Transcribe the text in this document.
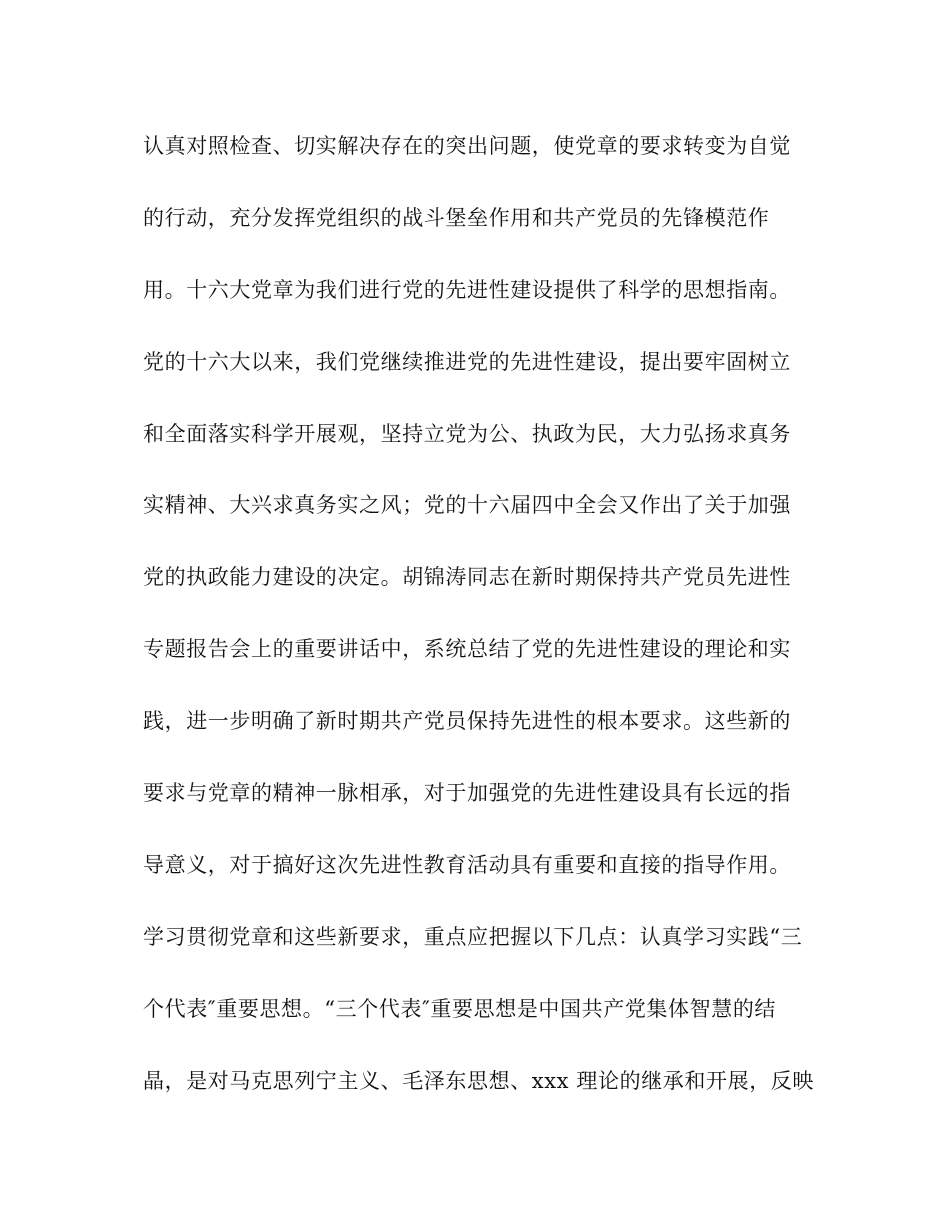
认真对照检查、切实解决存在的突出问题，使党章的要求转变为自觉
的行动，充分发挥党组织的战斗堡垒作用和共产党员的先锋模范作
用。十六大党章为我们进行党的先进性建设提供了科学的思想指南。
党的十六大以来，我们党继续推进党的先进性建设，提出要牢固树立
和全面落实科学开展观，坚持立党为公、执政为民，大力弘扬求真务
实精神、大兴求真务实之风；党的十六届四中全会又作出了关于加强
党的执政能力建设的决定。胡锦涛同志在新时期保持共产党员先进性
专题报告会上的重要讲话中，系统总结了党的先进性建设的理论和实
践，进一步明确了新时期共产党员保持先进性的根本要求。这些新的
要求与党章的精神一脉相承，对于加强党的先进性建设具有长远的指
导意义，对于搞好这次先进性教育活动具有重要和直接的指导作用。
学习贯彻党章和这些新要求，重点应把握以下几点：认真学习实践“三
个代表″重要思想。“三个代表″重要思想是中国共产党集体智慧的结
晶，是对马克思列宁主义、毛泽东思想、xxx 理论的继承和开展，反映
